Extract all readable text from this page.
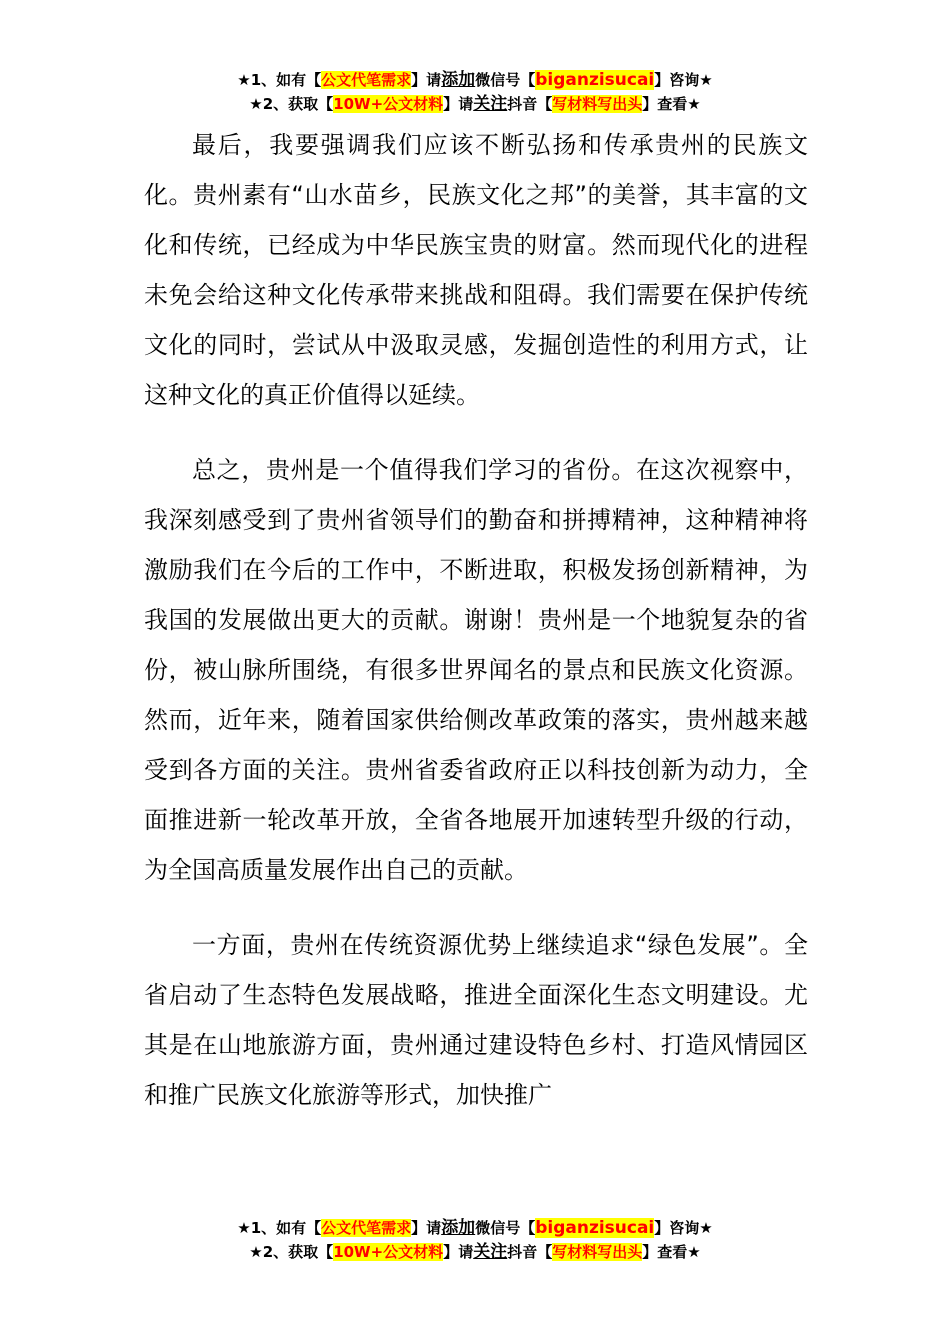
★1、如有【公文代笔需求】请添加微信号【biganzisucai】咨询★
★2、获取【10W+公文材料】请关注抖音【写材料写出头】查看★

最后，我要强调我们应该不断弘扬和传承贵州的民族文化。贵州素有“山水苗乡，民族文化之邦”的美誉，其丰富的文化和传统，已经成为中华民族宝贵的财富。然而现代化的进程未免会给这种文化传承带来挑战和阻碍。我们需要在保护传统文化的同时，尝试从中汲取灵感，发掘创造性的利用方式，让这种文化的真正价值得以延续。

总之，贵州是一个值得我们学习的省份。在这次视察中，我深刻感受到了贵州省领导们的勤奋和拼搏精神，这种精神将激励我们在今后的工作中，不断进取，积极发扬创新精神，为我国的发展做出更大的贡献。谢谢！贵州是一个地貌复杂的省份，被山脉所围绕，有很多世界闻名的景点和民族文化资源。然而，近年来，随着国家供给侧改革政策的落实，贵州越来越受到各方面的关注。贵州省委省政府正以科技创新为动力，全面推进新一轮改革开放，全省各地展开加速转型升级的行动，为全国高质量发展作出自己的贡献。

一方面，贵州在传统资源优势上继续追求“绿色发展”。全省启动了生态特色发展战略，推进全面深化生态文明建设。尤其是在山地旅游方面，贵州通过建设特色乡村、打造风情园区和推广民族文化旅游等形式，加快推广

★1、如有【公文代笔需求】请添加微信号【biganzisucai】咨询★
★2、获取【10W+公文材料】请关注抖音【写材料写出头】查看★
